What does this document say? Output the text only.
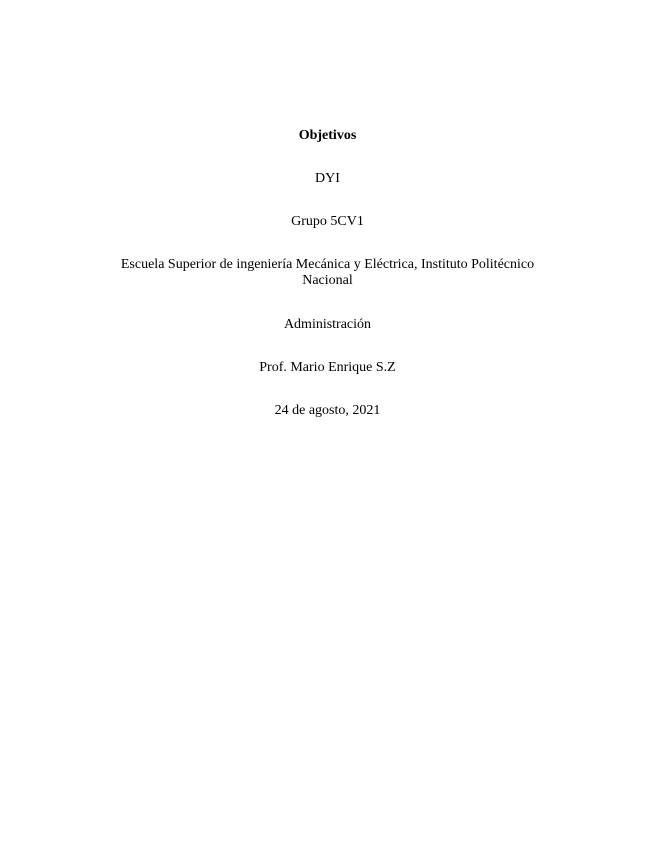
Objetivos
DYI
Grupo 5CV1
Escuela Superior de ingeniería Mecánica y Eléctrica, Instituto Politécnico Nacional
Administración
Prof. Mario Enrique S.Z
24 de agosto, 2021
